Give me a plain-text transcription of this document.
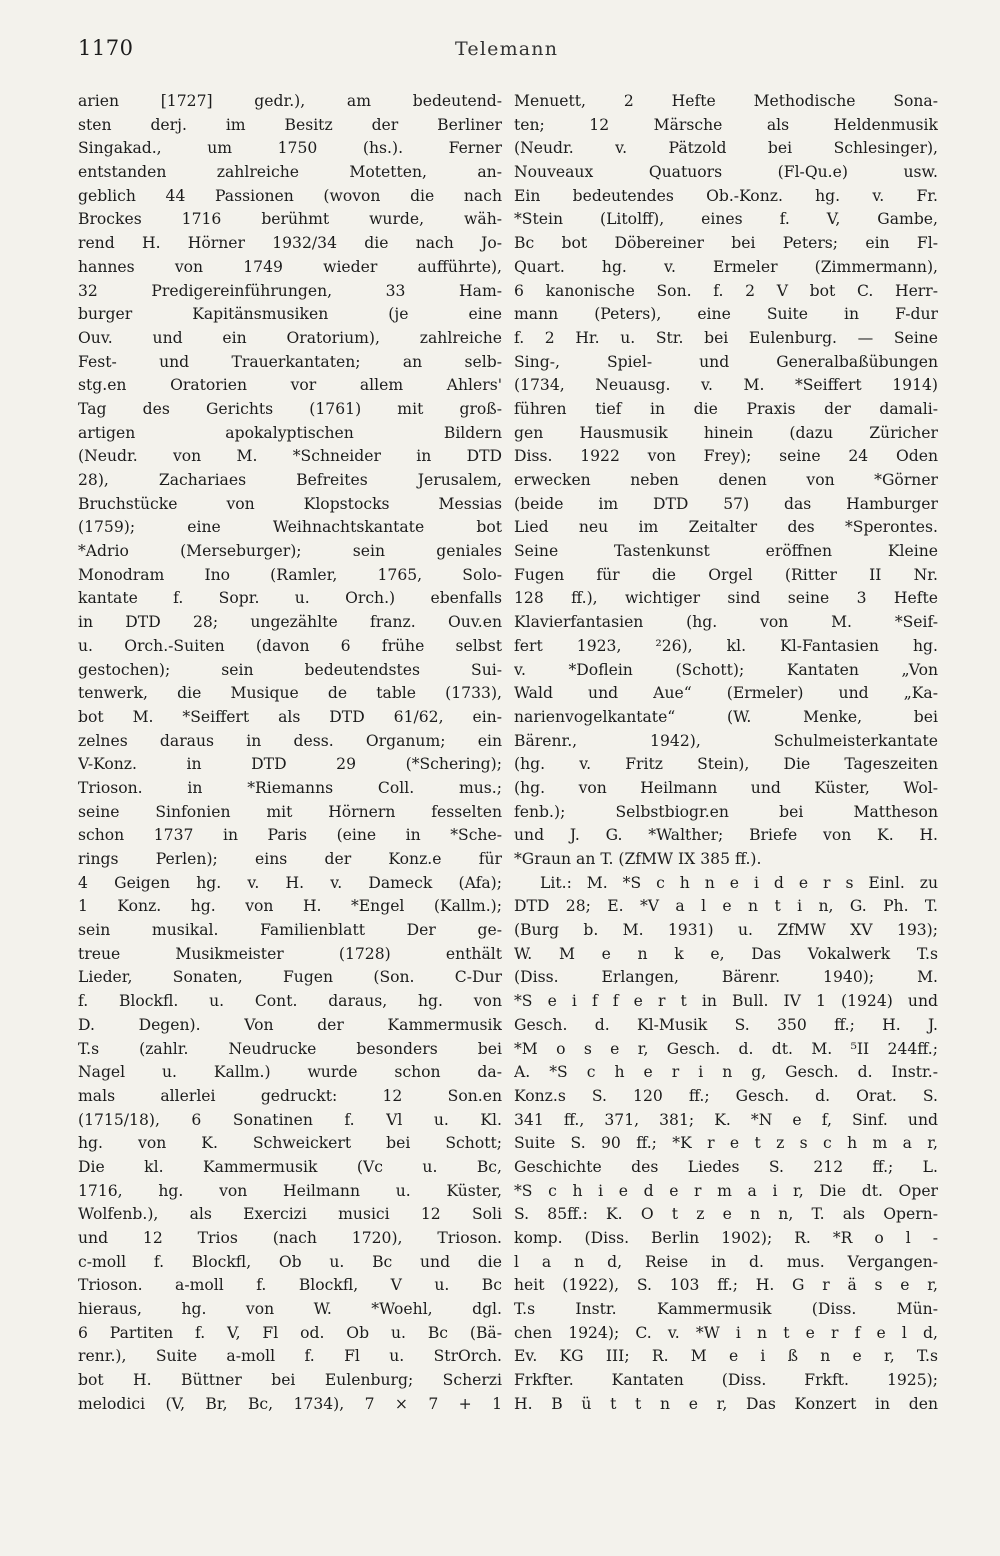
1170	Telemann
arien [1727] gedr.), am bedeutend-
sten derj. im Besitz der Berliner
Singakad., um 1750 (hs.). Ferner
entstanden zahlreiche Motetten, an-
geblich 44 Passionen (wovon die nach
Brockes 1716 berühmt wurde, wäh-
rend H. Hörner 1932/34 die nach Jo-
hannes von 1749 wieder aufführte),
32 Predigereinführungen, 33 Ham-
burger Kapitänsmusiken (je eine
Ouv. und ein Oratorium), zahlreiche
Fest- und Trauerkantaten; an selb-
stg.en Oratorien vor allem Ahlers'
Tag des Gerichts (1761) mit groß-
artigen apokalyptischen Bildern
(Neudr. von M. *Schneider in DTD
28), Zachariaes Befreites Jerusalem,
Bruchstücke von Klopstocks Messias
(1759); eine Weihnachtskantate bot
*Adrio (Merseburger); sein geniales
Monodram Ino (Ramler, 1765, Solo-
kantate f. Sopr. u. Orch.) ebenfalls
in DTD 28; ungezählte franz. Ouv.en
u. Orch.-Suiten (davon 6 frühe selbst
gestochen); sein bedeutendstes Sui-
tenwerk, die Musique de table (1733),
bot M. *Seiffert als DTD 61/62, ein-
zelnes daraus in dess. Organum; ein
V-Konz. in DTD 29 (*Schering);
Trioson. in *Riemanns Coll. mus.;
seine Sinfonien mit Hörnern fesselten
schon 1737 in Paris (eine in *Sche-
rings Perlen); eins der Konz.e für
4 Geigen hg. v. H. v. Dameck (Afa);
1 Konz. hg. von H. *Engel (Kallm.);
sein musikal. Familienblatt Der ge-
treue Musikmeister (1728) enthält
Lieder, Sonaten, Fugen (Son. C-Dur
f. Blockfl. u. Cont. daraus, hg. von
D. Degen). Von der Kammermusik
T.s (zahlr. Neudrucke besonders bei
Nagel u. Kallm.) wurde schon da-
mals allerlei gedruckt: 12 Son.en
(1715/18), 6 Sonatinen f. Vl u. Kl.
hg. von K. Schweickert bei Schott;
Die kl. Kammermusik (Vc u. Bc,
1716, hg. von Heilmann u. Küster,
Wolfenb.), als Exercizi musici 12 Soli
und 12 Trios (nach 1720), Trioson.
c-moll f. Blockfl, Ob u. Bc und die
Trioson. a-moll f. Blockfl, V u. Bc
hieraus, hg. von W. *Woehl, dgl.
6 Partiten f. V, Fl od. Ob u. Bc (Bä-
renr.), Suite a-moll f. Fl u. StrOrch.
bot H. Büttner bei Eulenburg; Scherzi
melodici (V, Br, Bc, 1734), 7 × 7 + 1
Menuett, 2 Hefte Methodische Sona-
ten; 12 Märsche als Heldenmusik
(Neudr. v. Pätzold bei Schlesinger),
Nouveaux Quatuors (Fl-Qu.e) usw.
Ein bedeutendes Ob.-Konz. hg. v. Fr.
*Stein (Litolff), eines f. V, Gambe,
Bc bot Döbereiner bei Peters; ein Fl-
Quart. hg. v. Ermeler (Zimmermann),
6 kanonische Son. f. 2 V bot C. Herr-
mann (Peters), eine Suite in F-dur
f. 2 Hr. u. Str. bei Eulenburg. — Seine
Sing-, Spiel- und Generalbaßübungen
(1734, Neuausg. v. M. *Seiffert 1914)
führen tief in die Praxis der damali-
gen Hausmusik hinein (dazu Züricher
Diss. 1922 von Frey); seine 24 Oden
erwecken neben denen von *Görner
(beide im DTD 57) das Hamburger
Lied neu im Zeitalter des *Sperontes.
Seine Tastenkunst eröffnen Kleine
Fugen für die Orgel (Ritter II Nr.
128 ff.), wichtiger sind seine 3 Hefte
Klavierfantasien (hg. von M. *Seif-
fert 1923, ²26), kl. Kl-Fantasien hg.
v. *Doflein (Schott); Kantaten „Von
Wald und Aue“ (Ermeler) und „Ka-
narienvogelkantate“ (W. Menke, bei
Bärenr., 1942), Schulmeisterkantate
(hg. v. Fritz Stein), Die Tageszeiten
(hg. von Heilmann und Küster, Wol-
fenb.); Selbstbiogr.en bei Mattheson
und J. G. *Walther; Briefe von K. H.
*Graun an T. (ZfMW IX 385 ff.).
Lit.: M. *S c h n e i d e r s Einl. zu
DTD 28; E. *V a l e n t i n, G. Ph. T.
(Burg b. M. 1931) u. ZfMW XV 193);
W. M e n k e, Das Vokalwerk T.s
(Diss. Erlangen, Bärenr. 1940); M.
*S e i f f e r t in Bull. IV 1 (1924) und
Gesch. d. Kl-Musik S. 350 ff.; H. J.
*M o s e r, Gesch. d. dt. M. ⁵II 244ff.;
A. *S c h e r i n g, Gesch. d. Instr.-
Konz.s S. 120 ff.; Gesch. d. Orat. S.
341 ff., 371, 381; K. *N e f, Sinf. und
Suite S. 90 ff.; *K r e t z s c h m a r,
Geschichte des Liedes S. 212 ff.; L.
*S c h i e d e r m a i r, Die dt. Oper
S. 85ff.: K. O t z e n n, T. als Opern-
komp. (Diss. Berlin 1902); R. *R o l -
l a n d, Reise in d. mus. Vergangen-
heit (1922), S. 103 ff.; H. G r ä s e r,
T.s Instr. Kammermusik (Diss. Mün-
chen 1924); C. v. *W i n t e r f e l d,
Ev. KG III; R. M e i ß n e r, T.s
Frkfter. Kantaten (Diss. Frkft. 1925);
H. B ü t t n e r, Das Konzert in den
